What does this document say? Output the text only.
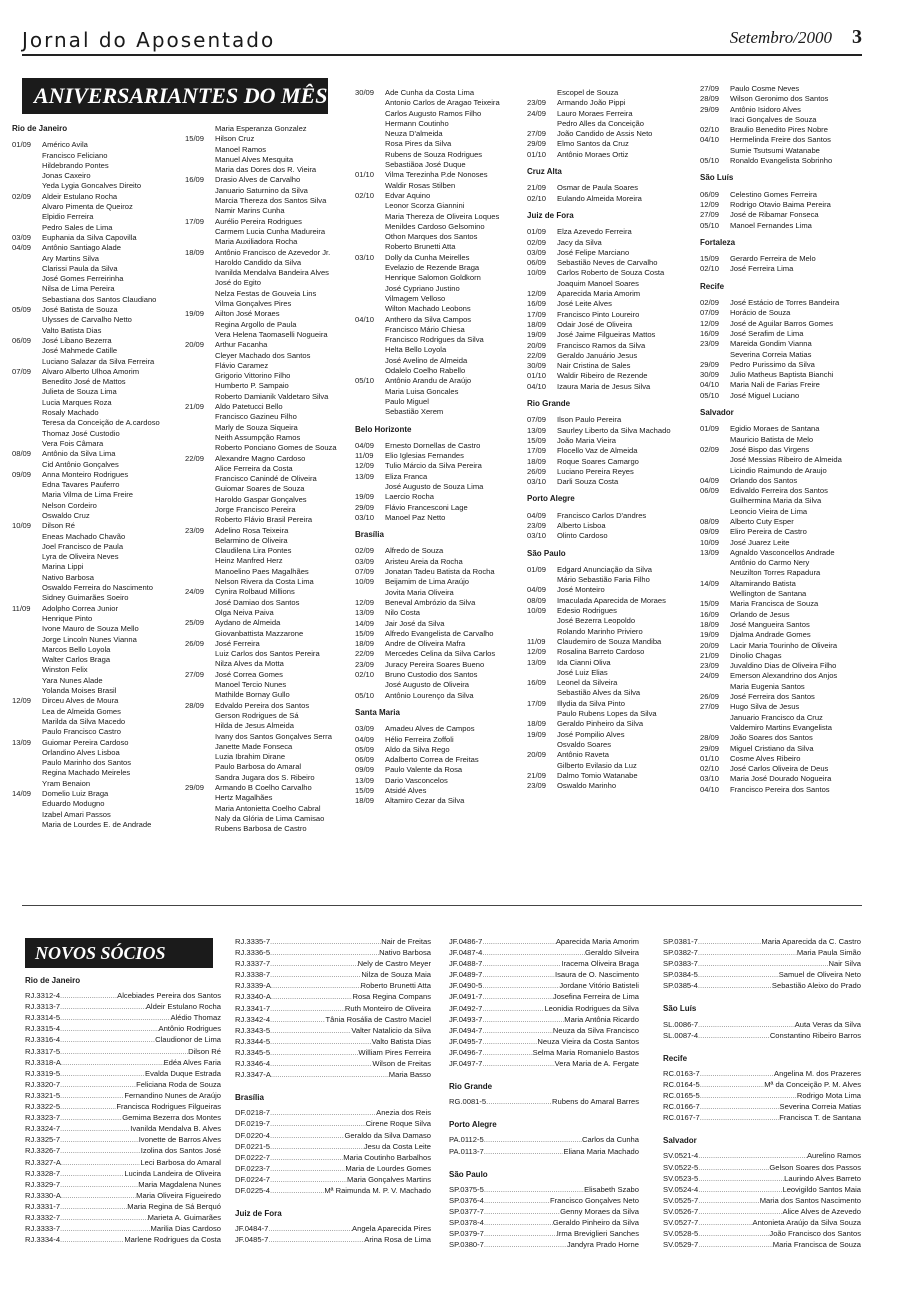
Jornal do Aposentado	Setembro/2000 3
ANIVERSARIANTES DO MÊS
Rio de Janeiro
01/09	Américo Avila
Francisco Feliciano
Hildebrando Pontes
Jonas Caxeiro
Yeda Lygia Goncalves Direito
02/09	Aldeir Estulano Rocha
Alvaro Pimenta de Queiroz
Elpidio Ferreira
Pedro Sales de Lima
03/09	Euphania da Silva Capovilla
04/09	Antônio Santiago Alade
Ary Martins Silva
Clarissi Paula da Silva
José Gomes Ferreirinha
Nilsa de Lima Pereira
Sebastiana dos Santos Claudiano
05/09	José Batista de Souza
Ulysses de Carvalho Netto
Valto Batista Dias
06/09	José Libano Bezerra
José Mahmede Catille
Luciano Salazar da Silva Ferreira
07/09	Alvaro Alberto Ulhoa Amorim
Benedito José de Mattos
Julieta de Souza Lima
Lucia Marques Roza
Rosaly Machado
Teresa da Conceição de A.cardoso
Thomaz José Custodio
Vera Fois Câmara
08/09	Antônio da Silva Lima
Cid Antônio Gonçalves
09/09	Anna Monteiro Rodrigues
Edna Tavares Pauferro
Maria Vilma de Lima Freire
Nelson Cordeiro
Oswaldo Cruz
10/09	Dilson Ré
Eneas Machado Chavão
Joel Francisco de Paula
Lyra de Oliveira Neves
Marina Lippi
Nativo Barbosa
Oswaldo Ferreira do Nascimento
Sidney Guimarães Soeiro
11/09	Adolpho Correa Junior
Henrique Pinto
Ivone Mauro de Souza Mello
Jorge Lincoln Nunes Vianna
Marcos Bello Loyola
Walter Carlos Braga
Winston Felix
Yara Nunes Alade
Yolanda Moises Brasil
12/09	Dirceu Alves de Moura
Lea de Almeida Gomes
Marilda da Silva Macedo
Paulo Francisco Castro
13/09	Guiomar Pereira Cardoso
Orlandino Alves Lisboa
Paulo Marinho dos Santos
Regina Machado Meireles
Yram Benaion
14/09	Domelio Luiz Braga
Eduardo Modugno
Izabel Amari Passos
Maria de Lourdes E. de Andrade
Maria Esperanza Gonzalez
15/09	Hilson Cruz
Manoel Ramos
Manuel Alves Mesquita
Maria das Dores dos R. Vieira
16/09	Drasio Alves de Carvalho
Januario Saturnino da Silva
Marcia Thereza dos Santos Silva
Namir Marins Cunha
17/09	Aurélio Pereira Rodrigues
Carmem Lucia Cunha Madureira
Maria Auxiliadora Rocha
18/09	Antônio Francisco de Azevedor Jr.
Haroldo Candido da Silva
Ivanilda Mendalva Bandeira Alves
José do Egito
Nelza Festas de Gouveia Lins
Vilma Gonçalves Pires
19/09	Ailton José Moraes
Regina Argollo de Paula
Vera Helena Taomaselli Nogueira
20/09	Arthur Facanha
Cleyer Machado dos Santos
Flávio Caramez
Grigorio Vittorino Filho
Humberto P. Sampaio
Roberto Damianik Valdetaro Silva
21/09	Aldo Patetucci Bello
Francisco Gazineu Filho
Marly de Souza Siqueira
Neith Assumpção Ramos
Roberto Ponciano Gomes de Souza
22/09	Alexandre Magno Cardoso
Alice Ferreira da Costa
Francisco Canindé de Oliveira
Guiomar Soares de Souza
Haroldo Gaspar Gonçalves
Jorge Francisco Pereira
Roberto Flávio Brasil Pereira
23/09	Adelino Rosa Teixeira
Belarmino de Oliveira
Claudilena Lira Pontes
Heinz Manfred Herz
Manoelino Paes Magalhães
Nelson Rivera da Costa Lima
24/09	Cynira Rolbaud Millions
José Damiao dos Santos
Olga Neiva Paiva
25/09	Aydano de Almeida
Giovanbattista Mazzarone
26/09	José Ferreira
Luiz Carlos dos Santos Pereira
Nilza Alves da Motta
27/09	José Correa Gomes
Manoel Tercio Nunes
Mathilde Bornay Gullo
28/09	Edvaldo Pereira dos Santos
Gerson Rodrigues de Sá
Hilda de Jesus Almeida
Ivany dos Santos Gonçalves Serra
Janette Made Fonseca
Luzia Ibrahim Dirane
Paulo Barbosa do Amaral
Sandra Jugara dos S. Ribeiro
29/09	Armando B Coelho Carvalho
Hertz Magalhães
Maria Antonietta Coelho Cabral
Naly da Glória de Lima Camisao
Rubens Barbosa de Castro
30/09	Ade Cunha da Costa Lima
Antonio Carlos de Aragao Teixeira
Carlos Augusto Ramos Filho
Hermann Coutinho
Neuza D'almeida
Rosa Pires da Silva
Rubens de Souza Rodrigues
Sebastiãoa José Duque
01/10	Vilma Terezinha P.de Nonoses
Waldir Rosas Stilben
02/10	Edvar Aquino
Leonor Scorza Giannini
Maria Thereza de Oliveira Loques
Menildes Cardoso Gelsomino
Othon Marques dos Santos
Roberto Brunetti Atta
03/10	Dolly da Cunha Meirelles
Evelazio de Rezende Braga
Henrique Salomon Goldkorn
José Cypriano Justino
Vilmagem Velloso
Wilton Machado Leobons
04/10	Anthero da Silva Campos
Francisco Mário Chiesa
Francisco Rodrigues da Silva
Helta Bello Loyola
José Avelino de Almeida
Odalelo Coelho Rabello
05/10	Antônio Arandu de Araújo
Maria Luisa Goncales
Paulo Miguel
Sebastião Xerem
Belo Horizonte
04/09	Ernesto Dornellas de Castro
11/09	Elio Iglesias Fernandes
12/09	Tulio Márcio da Silva Pereira
13/09	Eliza Franca
José Augusto de Souza Lima
19/09	Laercio Rocha
29/09	Flávio Francesconi Lage
03/10	Manoel Paz Netto
Brasília
02/09	Alfredo de Souza
03/09	Aristeu Areia da Rocha
07/09	Jonatan Tadeu Batista da Rocha
10/09	Beijamim de Lima Araújo
Jovita Maria Oliveira
12/09	Beneval Ambrózio da Silva
13/09	Nilo Costa
14/09	Jair José da Silva
15/09	Alfredo Evangelista de Carvalho
18/09	Andre de Oliveira Mafra
22/09	Mercedes Celina da Silva Carlos
23/09	Juracy Pereira Soares Bueno
02/10	Bruno Custodio dos Santos
José Augusto de Oliveira
05/10	Antônio Lourenço da Silva
Santa Maria
03/09	Amadeu Alves de Campos
04/09	Hélio Ferreira Zoffoli
05/09	Aldo da Silva Rego
06/09	Adalberto Correa de Freitas
09/09	Paulo Valente da Rosa
13/09	Dario Vasconcelos
15/09	Atsidé Alves
18/09	Altamiro Cezar da Silva
Escopel de Souza
23/09	Armando João Pippi
24/09	Lauro Moraes Ferreira
Pedro Alles da Conceição
27/09	João Candido de Assis Neto
29/09	Elmo Santos da Cruz
01/10	Antônio Moraes Ortiz
Cruz Alta
21/09	Osmar de Paula Soares
02/10	Eulando Almeida Moreira
Juiz de Fora
01/09	Elza Azevedo Ferreira
02/09	Jacy da Silva
03/09	José Felipe Marciano
06/09	Sebastião Neves de Carvalho
10/09	Carlos Roberto de Souza Costa
Joaquim Manoel Soares
12/09	Aparecida Maria Amorim
16/09	José Leite Alves
17/09	Francisco Pinto Loureiro
18/09	Odair José de Oliveira
19/09	José Jaime Filgueiras Mattos
20/09	Francisco Ramos da Silva
22/09	Geraldo Januário Jesus
30/09	Nair Cristina de Sales
01/10	Waldir Ribeiro de Rezende
04/10	Izaura Maria de Jesus Silva
Rio Grande
07/09	Ilson Paulo Pereira
13/09	Saurley Liberto da Silva Machado
15/09	João Maria Vieira
17/09	Flocello Vaz de Almeida
18/09	Roque Soares Camargo
26/09	Luciano Pereira Reyes
03/10	Darli Souza Costa
Porto Alegre
04/09	Francisco Carlos D'andres
23/09	Alberto Lisboa
03/10	Olinto Cardoso
São Paulo
01/09	Edgard Anunciação da Silva
Mário Sebastião Faria Filho
04/09	José Monteiro
08/09	Imaculada Aparecida de Moraes
10/09	Edesio Rodrigues
José Bezerra Leopoldo
Rolando Marinho Priviero
11/09	Claudemiro de Souza Mandiba
12/09	Rosalina Barreto Cardoso
13/09	Ida Cianni Oliva
José Luiz Elias
16/09	Leonel da Silveira
Sebastião Alves da Silva
17/09	Illydia da Silva Pinto
Paulo Rubens Lopes da Silva
18/09	Geraldo Pinheiro da Silva
19/09	José Pompilio Alves
Osvaldo Soares
20/09	Antônio Raveta
Gilberto Evilasio da Luz
21/09	Dalmo Tomio Watanabe
23/09	Oswaldo Marinho
27/09	Paulo Cosme Neves
28/09	Wilson Geronimo dos Santos
29/09	Antônio Isidoro Alves
Iraci Gonçalves de Souza
02/10	Braulio Benedito Pires Nobre
04/10	Hermelinda Freire dos Santos
Sumie Tsutsumi Watanabe
05/10	Ronaldo Evangelista Sobrinho
São Luís
06/09	Celestino Gomes Ferreira
12/09	Rodrigo Otavio Baima Pereira
27/09	José de Ribamar Fonseca
05/10	Manoel Fernandes Lima
Fortaleza
15/09	Gerardo Ferreira de Melo
02/10	José Ferreira Lima
Recife
02/09	José Estácio de Torres Bandeira
07/09	Horácio de Souza
12/09	José de Aguilar Barros Gomes
16/09	José Serafim de Lima
23/09	Mareida Gondim Vianna
Severina Correia Matias
29/09	Pedro Purissimo da Silva
30/09	Julio Matheus Baptista Bianchi
04/10	Maria Nali de Farias Freire
05/10	José Miguel Luciano
Salvador
01/09	Egidio Moraes de Santana
Mauricio Batista de Melo
02/09	José Bispo das Virgens
José Messias Ribeiro de Almeida
Licindio Raimundo de Araujo
04/09	Orlando dos Santos
06/09	Edivaldo Ferreira dos Santos
Guilhermina Maria da Silva
Leoncio Vieira de Lima
08/09	Alberto Cuty Esper
09/09	Eliro Pereira de Castro
10/09	José Juarez Leite
13/09	Agnaldo Vasconcellos Andrade
Antônio do Carmo Nery
Neuzilton Torres Rapadura
14/09	Altamirando Batista
Wellington de Santana
15/09	Maria Francisca de Souza
16/09	Orlando de Jesus
18/09	José Mangueira Santos
19/09	Djalma Andrade Gomes
20/09	Lacir Maria Tourinho de Oliveira
21/09	Dinolio Chagas
23/09	Juvaldino Dias de Oliveira Filho
24/09	Emerson Alexandrino dos Anjos
Maria Eugenia Santos
26/09	José Ferreira dos Santos
27/09	Hugo Silva de Jesus
Januario Francisco da Cruz
Valdemiro Martins Evangelista
28/09	João Soares dos Santos
29/09	Miguel Cristiano da Silva
01/10	Cosme Alves Ribeiro
02/10	José Carlos Oliveira de Deus
03/10	Maria José Dourado Nogueira
04/10	Francisco Pereira dos Santos
NOVOS SÓCIOS
Rio de Janeiro
RJ.3312-4 .....	Alcebiades Pereira dos Santos
RJ.3313-7 .....	Aldeir Estulano Rocha
RJ.3314-5 .....	Alédio Thomaz
RJ.3315-4 .....	Antônio Rodrigues
RJ.3316-4 .....	Claudionor de Lima
RJ.3317-5 .....	Dilson Ré
RJ.3318-A .....	Edéa Alves Faria
RJ.3319-5 .....	Evalda Duque Estrada
RJ.3320-7 .....	Feliciana Roda de Souza
RJ.3321-5 .....	Fernandino Nunes de Araújo
RJ.3322-5 .....	Francisca Rodrigues Filgueiras
RJ.3323-7 .....	Gemima Bezerra dos Montes
RJ.3324-7 .....	Ivanilda Mendalva B. Alves
RJ.3325-7 .....	Ivonette de Barros Alves
RJ.3326-7 .....	Izolina dos Santos José
RJ.3327-A .....	Leci Barbosa do Amaral
RJ.3328-7 .....	Lucinda Landeira de Oliveira
RJ.3329-7 .....	Maria Magdalena Nunes
RJ.3330-A .....	Maria Oliveira Figueiredo
RJ.3331-7 .....	Maria Regina de Sá Berquó
RJ.3332-7 .....	Marieta A. Guimarães
RJ.3333-7 .....	Marilia Dias Cardoso
RJ.3334-4 .....	Marlene Rodrigues da Costa
RJ.3335-7 .....	Nair de Freitas
RJ.3336-5 .....	Nativo Barbosa
RJ.3337-7 .....	Nely de Castro Meyer
RJ.3338-7 .....	Nilza de Souza Maia
RJ.3339-A .....	Roberto Brunetti Atta
RJ.3340-A .....	Rosa Regina Compans
RJ.3341-7 .....	Ruth Monteiro de Oliveira
RJ.3342-4 .....	Tânia Rosália de Castro Maciel
RJ.3343-5 .....	Valter Natalicio da Silva
RJ.3344-5 .....	Valto Batista Dias
RJ.3345-5 .....	William Pires Ferreira
RJ.3346-4 .....	Wilson de Freitas
RJ.3347-A .....	Maria Basso
Brasília
DF.0218-7 .....	Anezia dos Reis
DF.0219-7 .....	Cirene Roque Silva
DF.0220-4 .....	Geraldo da Silva Damaso
DF.0221-5 .....	Jesu da Costa Leite
DF.0222-7 .....	Maria Coutinho Barbalhos
DF.0223-7 .....	Maria de Lourdes Gomes
DF.0224-7 .....	Maria Gonçalves Martins
DF.0225-4 .....	Mª Raimunda M. P. V. Machado
Juiz de Fora
JF.0484-7 .....	Angela Aparecida Pires
JF.0485-7 .....	Arina Rosa de Lima
JF.0486-7 .....	Aparecida Maria Amorim
JF.0487-4 .....	Geraldo Silveira
JF.0488-7 .....	Iracema Oliveira Braga
JF.0489-7 .....	Isaura de O. Nascimento
JF.0490-5 .....	Jordane Vitório Batisteli
JF.0491-7 .....	Josefina Ferreira de Lima
JF.0492-7 .....	Leonidia Rodrigues da Silva
JF.0493-7 .....	Maria Antônia Ricardo
JF.0494-7 .....	Neuza da Silva Francisco
JF.0495-7 .....	Neuza Vieira da Costa Santos
JF.0496-7 .....	Selma Maria Romanielo Bastos
JF.0497-7 .....	Vera Maria de A. Fergate
Rio Grande
RG.0081-5 .....	Rubens do Amaral Barres
Porto Alegre
PA.0112-5 .....	Carlos da Cunha
PA.0113-7 .....	Eliana Maria Machado
São Paulo
SP.0375-5 .....	Elisabeth Szabo
SP.0376-4 .....	Francisco Gonçalves Neto
SP.0377-7 .....	Genny Moraes da Silva
SP.0378-4 .....	Geraldo Pinheiro da Silva
SP.0379-7 .....	Irma Breviglieri Sanches
SP.0380-7 .....	Jandyra Prado Horne
SP.0381-7 .....	Maria Aparecida da C. Castro
SP.0382-7 .....	Maria Paula Simão
SP.0383-7 .....	Nair Silva
SP.0384-5 .....	Samuel de Oliveira Neto
SP.0385-4 .....	Sebastião Aleixo do Prado
São Luís
SL.0086-7 .....	Auta Veras da Silva
SL.0087-4 .....	Constantino Ribeiro Barros
Recife
RC.0163-7 .....	Angelina M. dos Prazeres
RC.0164-5 .....	Mª da Conceição P. M. Alves
RC.0165-5 .....	Rodrigo Mota Lima
RC.0166-7 .....	Severina Correia Matias
RC.0167-7 .....	Francisca T. de Santana
Salvador
SV.0521-4 .....	Aurelino Ramos
SV.0522-5 .....	Gelson Soares dos Passos
SV.0523-5 .....	Laurindo Alves Barreto
SV.0524-4 .....	Leovigildo Santos Maia
SV.0525-7 .....	Maria dos Santos Nascimento
SV.0526-7 .....	Alice Alves de Azevedo
SV.0527-7 .....	Antonieta Araújo da Silva Souza
SV.0528-5 .....	João Francisco dos Santos
SV.0529-7 .....	Maria Francisca de Souza
